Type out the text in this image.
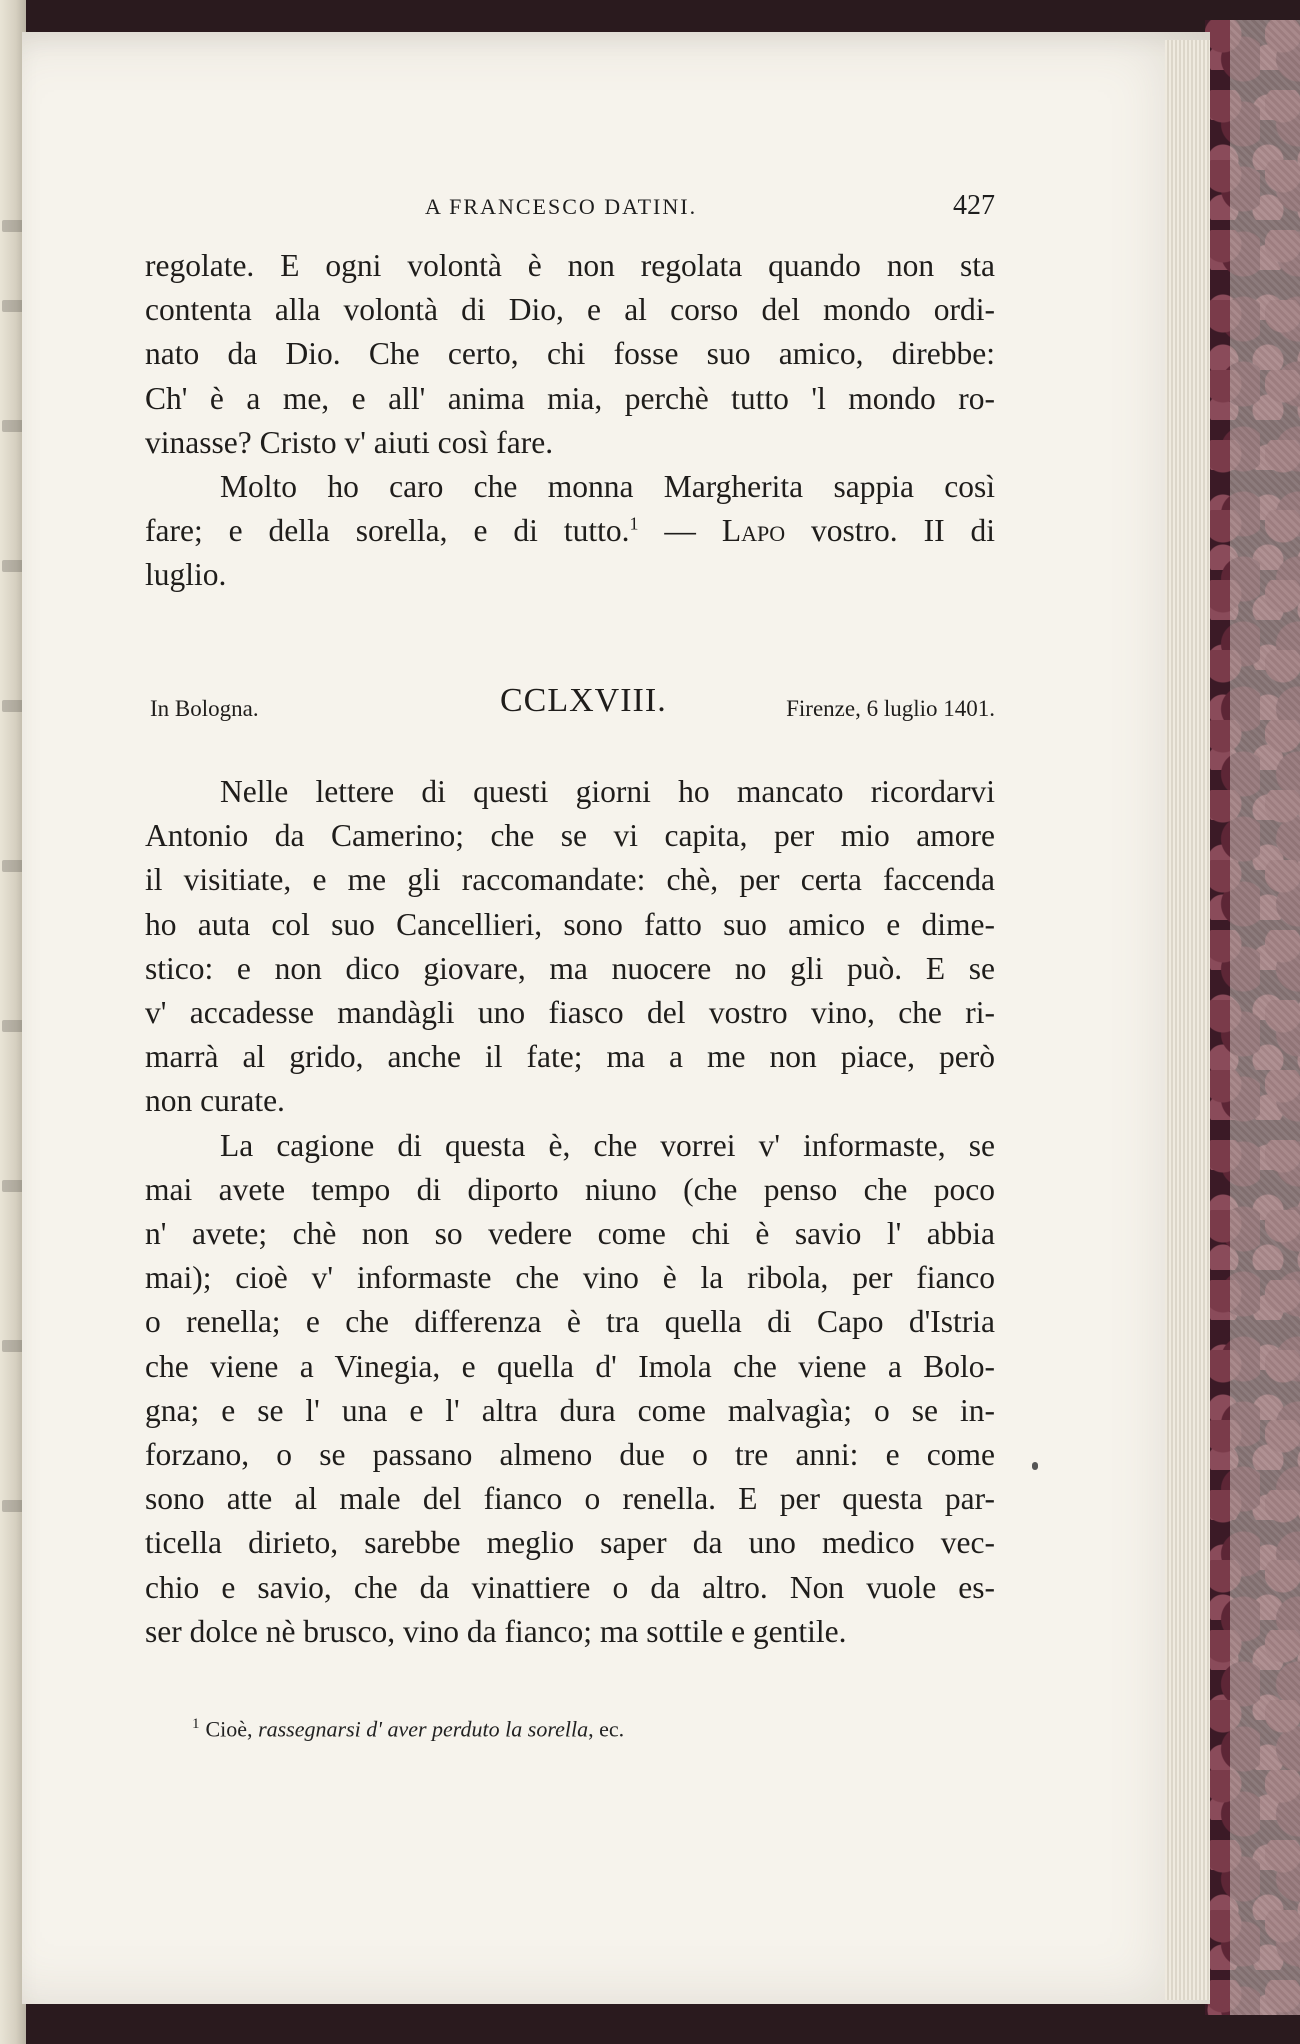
A FRANCESCO DATINI.	427
regolate. E ogni volontà è non regolata quando non sta
contenta alla volontà di Dio, e al corso del mondo ordi-
nato da Dio. Che certo, chi fosse suo amico, direbbe:
Ch' è a me, e all' anima mia, perchè tutto 'l mondo ro-
vinasse? Cristo v' aiuti così fare.
Molto ho caro che monna Margherita sappia così
fare; e della sorella, e di tutto.$^1$ — Lapo vostro. II di
luglio.
In Bologna.	CCLXVIII.	Firenze, 6 luglio 1401.
Nelle lettere di questi giorni ho mancato ricordarvi
Antonio da Camerino; che se vi capita, per mio amore
il visitiate, e me gli raccomandate: chè, per certa faccenda
ho auta col suo Cancellieri, sono fatto suo amico e dime-
stico: e non dico giovare, ma nuocere no gli può. E se
v' accadesse mandàgli uno fiasco del vostro vino, che ri-
marrà al grido, anche il fate; ma a me non piace, però
non curate.
La cagione di questa è, che vorrei v' informaste, se
mai avete tempo di diporto niuno (che penso che poco
n' avete; chè non so vedere come chi è savio l' abbia
mai); cioè v' informaste che vino è la ribola, per fianco
o renella; e che differenza è tra quella di Capo d'Istria
che viene a Vinegia, e quella d' Imola che viene a Bolo-
gna; e se l' una e l' altra dura come malvagìa; o se in-
forzano, o se passano almeno due o tre anni: e come
sono atte al male del fianco o renella. E per questa par-
ticella dirieto, sarebbe meglio saper da uno medico vec-
chio e savio, che da vinattiere o da altro. Non vuole es-
ser dolce nè brusco, vino da fianco; ma sottile e gentile.
$^1$ Cioè, rassegnarsi d' aver perduto la sorella, ec.
